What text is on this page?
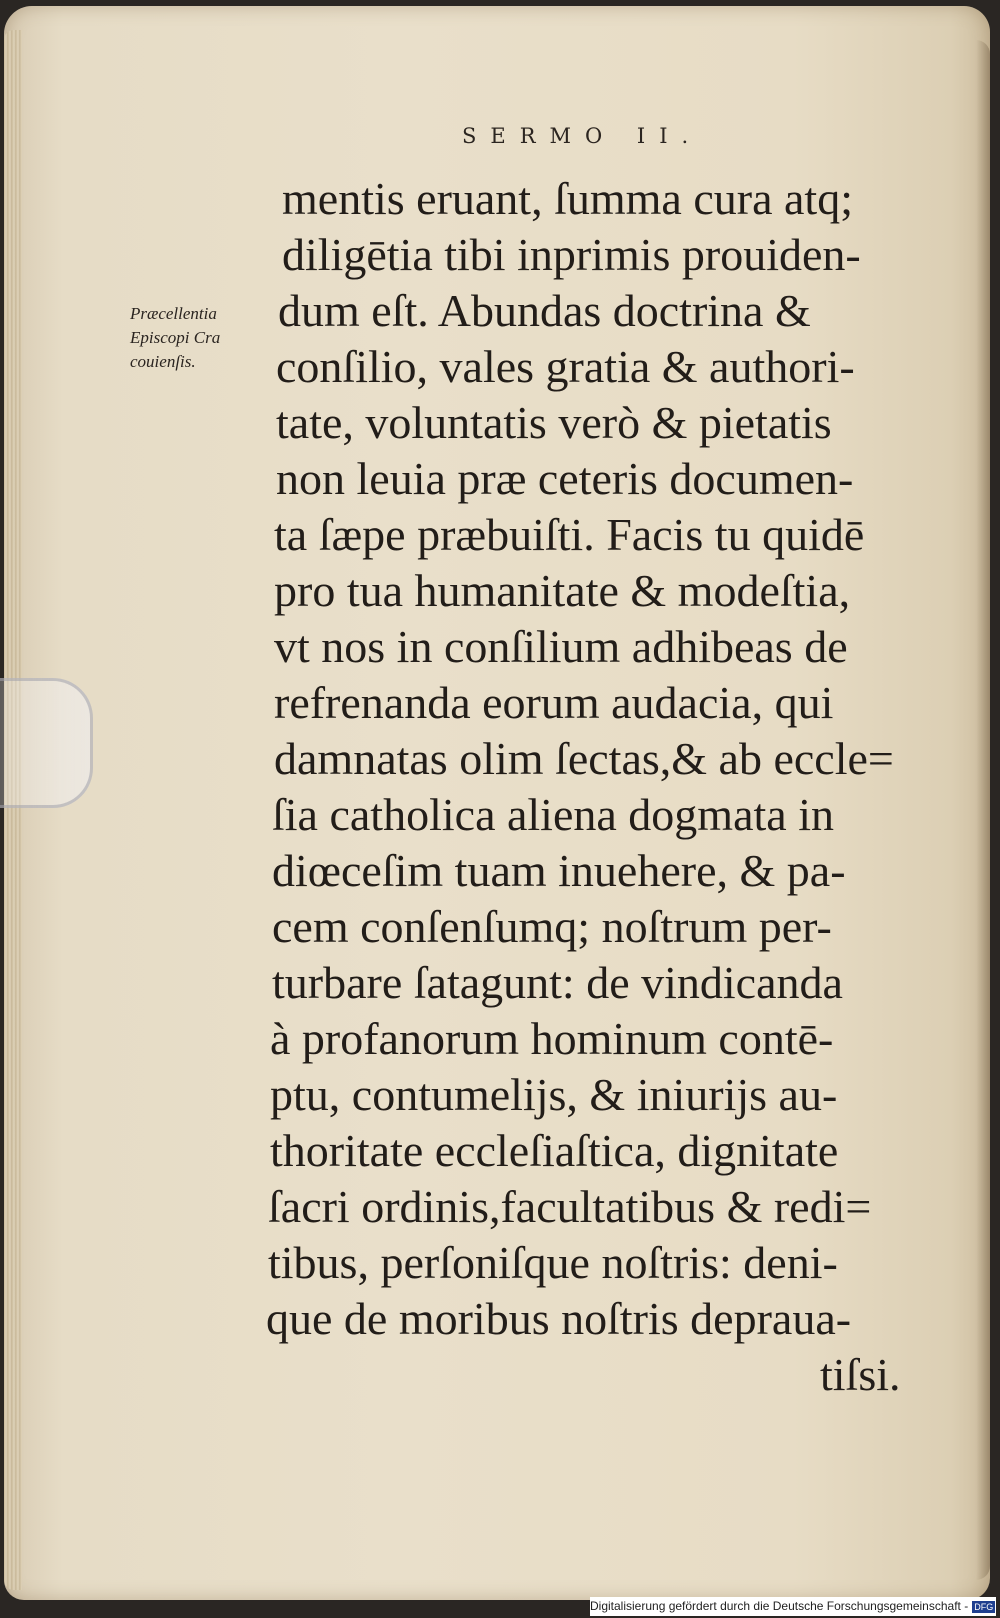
SERMO II.
Præcellentia
Episcopi Cra
couienſis.
mentis eruant, ſumma cura atq;
diligētia tibi inprimis prouiden-
dum eſt. Abundas doctrina &
conſilio, vales gratia & authori-
tate, voluntatis verò & pietatis
non leuia præ ceteris documen-
ta ſæpe præbuiſti. Facis tu quidē
pro tua humanitate & modeſtia,
vt nos in conſilium adhibeas de
refrenanda eorum audacia, qui
damnatas olim ſectas,& ab eccle=
ſia catholica aliena dogmata in
diœceſim tuam inuehere, & pa-
cem conſenſumq; noſtrum per-
turbare ſatagunt: de vindicanda
à profanorum hominum contē-
ptu, contumelijs, & iniurijs au-
thoritate eccleſiaſtica, dignitate
ſacri ordinis,facultatibus & redi=
tibus, perſoniſque noſtris: deni-
que de moribus noſtris deprauа-
tiſsi.
Digitalisierung gefördert durch die Deutsche Forschungsgemeinschaft - DFG
